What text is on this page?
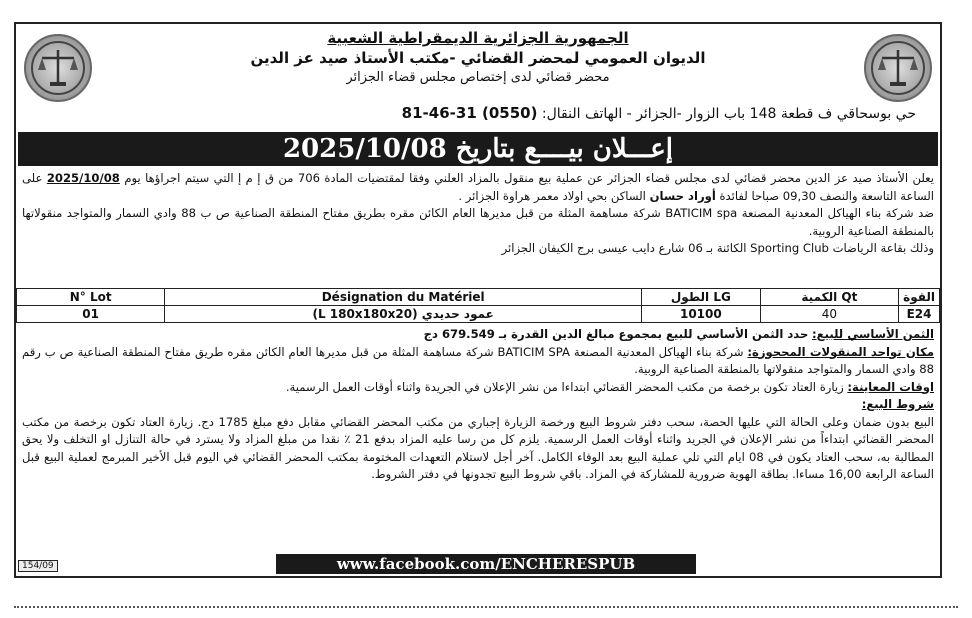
الجمهورية الجزائرية الديمقراطية الشعبية
الديوان العمومي لمحضر القضائي -مكتب الأستاذ صيد عز الدين
محضر قضائي لدى إختصاص مجلس قضاء الجزائر
حي بوسحاقي ف قطعة 148 باب الزوار -الجزائر - الهاتف النقال: (0550) 31-46-81
إعـــلان بيــــع بتاريخ 2025/10/08
يعلن الأستاذ صيد عز الدين محضر قضائي لدى مجلس قضاء الجزائر عن عملية بيع منقول بالمزاد العلني وفقا لمقتضيات المادة 706 من ق إ م إ التي سيتم اجراؤها يوم 2025/10/08 على الساعة التاسعة والنصف 09,30 صباحا لفائدة أوراد حسان الساكن بحي اولاد معمر هراوة الجزائر .
ضد شركة بناء الهياكل المعدنية المصنعة BATICIM spa شركة مساهمة المثلة من قبل مديرها العام الكائن مقره بطريق مفتاح المنطقة الصناعية ص ب 88 وادي السمار والمتواجد منقولاتها بالمنطقة الصناعية الروبية.
وذلك بقاعة الرياضات Sporting Club الكائنة بـ 06 شارع دايب عيسى برج الكيفان الجزائر
N° Lot	Désignation du Matériel	الطول LG	الكمية Qt	القوة
01	عمود حديدي (L 180x180x20)	10100	40	E24
الثمن الأساسي للبيع: حدد الثمن الأساسي للبيع بمجموع مبالغ الدين القدرة بـ 679.549 دج
مكان تواجد المنقولات المحجوزة: شركة بناء الهياكل المعدنية المصنعة BATICIM SPA شركة مساهمة المثلة من قبل مديرها العام الكائن مقره طريق مفتاح المنطقة الصناعية ص ب رقم 88 وادي السمار والمتواجد منقولاتها بالمنطقة الصناعية الروبية.
اوقات المعاينة: زيارة العتاد تكون برخصة من مكتب المحضر القضائي ابتداءا من نشر الإعلان في الجريدة واثناء أوقات العمل الرسمية.
شروط البيع:
البيع بدون ضمان وعلى الحالة التي عليها الحصة، سحب دفتر شروط البيع ورخصة الزيارة إجباري من مكتب المحضر القضائي مقابل دفع مبلغ 1785 دج. زيارة العتاد تكون برخصة من مكتب المحضر القضائي ابتداءاً من نشر الإعلان في الجريد واثناء أوقات العمل الرسمية. يلزم كل من رسا عليه المزاد بدفع 21 ٪ نقدا من مبلغ المزاد ولا يسترد في حالة التنازل او التخلف ولا يحق المطالبة به، سحب العتاد يكون في 08 ايام التي تلي عملية البيع بعد الوفاء الكامل. آخر أجل لاستلام التعهدات المختومة بمكتب المحضر القضائي في اليوم قبل الأخير المبرمج لعملية البيع قبل الساعة الرابعة 16,00 مساءا. بطاقة الهوية ضرورية للمشاركة في المزاد. باقي شروط البيع تجدونها في دفتر الشروط.
154/09	www.facebook.com/ENCHERESPUB
